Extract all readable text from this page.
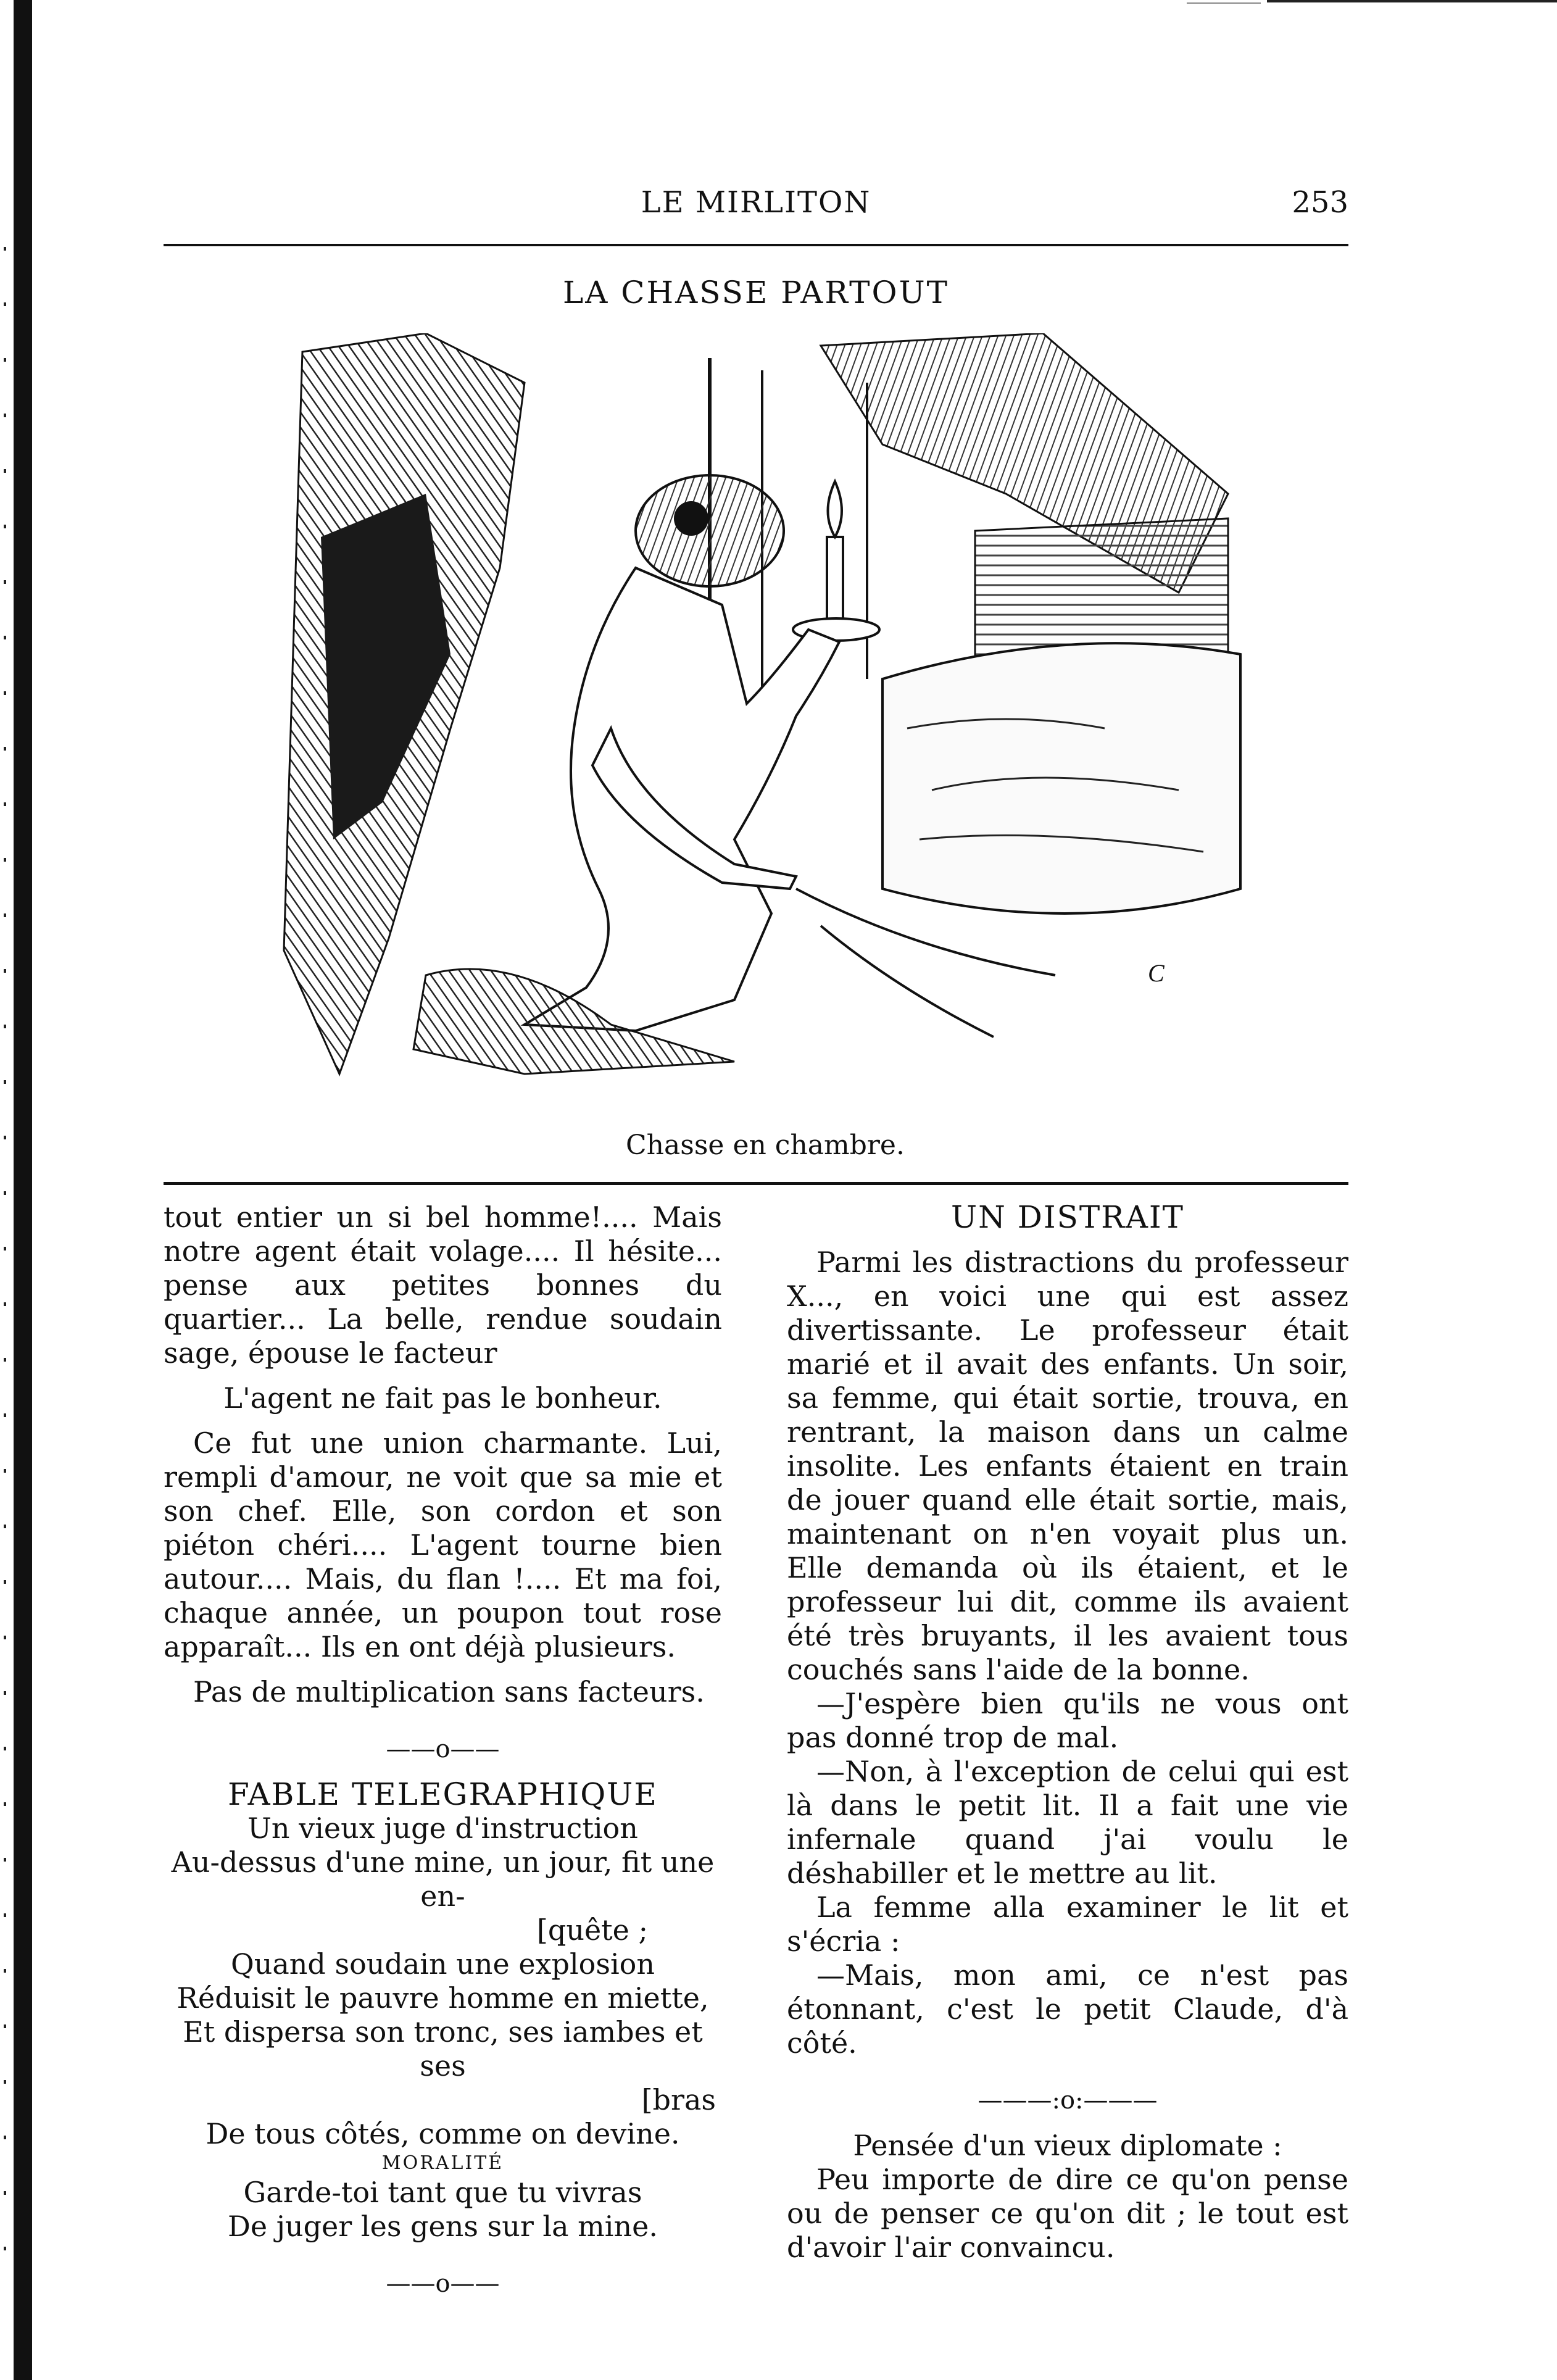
LE MIRLITON	253
LA CHASSE PARTOUT
C
Chasse en chambre.

tout entier un si bel homme!.... Mais notre agent était volage.... Il hésite... pense aux petites bonnes du quartier... La belle, rendue soudain sage, épouse le facteur

L'agent ne fait pas le bonheur.

Ce fut une union charmante. Lui, rempli d'amour, ne voit que sa mie et son chef. Elle, son cordon et son piéton chéri.... L'agent tourne bien autour.... Mais, du flan !.... Et ma foi, chaque année, un poupon tout rose apparaît... Ils en ont déjà plusieurs.

Pas de multiplication sans facteurs.

——o——

FABLE TELEGRAPHIQUE

Un vieux juge d'instruction

Au-dessus d'une mine, un jour, fit une en-

[quête ;

Quand soudain une explosion

Réduisit le pauvre homme en miette,

Et dispersa son tronc, ses iambes et ses

[bras

De tous côtés, comme on devine.

MORALITÉ

Garde-toi tant que tu vivras

De juger les gens sur la mine.

——o——

UN DISTRAIT

Parmi les distractions du professeur X..., en voici une qui est assez divertissante. Le professeur était marié et il avait des enfants. Un soir, sa femme, qui était sortie, trouva, en rentrant, la maison dans un calme insolite. Les enfants étaient en train de jouer quand elle était sortie, mais, maintenant on n'en voyait plus un. Elle demanda où ils étaient, et le professeur lui dit, comme ils avaient été très bruyants, il les avaient tous couchés sans l'aide de la bonne.

—J'espère bien qu'ils ne vous ont pas donné trop de mal.

—Non, à l'exception de celui qui est là dans le petit lit. Il a fait une vie infernale quand j'ai voulu le déshabiller et le mettre au lit.

La femme alla examiner le lit et s'écria :

—Mais, mon ami, ce n'est pas étonnant, c'est le petit Claude, d'à côté.

———:o:———

Pensée d'un vieux diplomate :

Peu importe de dire ce qu'on pense ou de penser ce qu'on dit ; le tout est d'avoir l'air convaincu.
